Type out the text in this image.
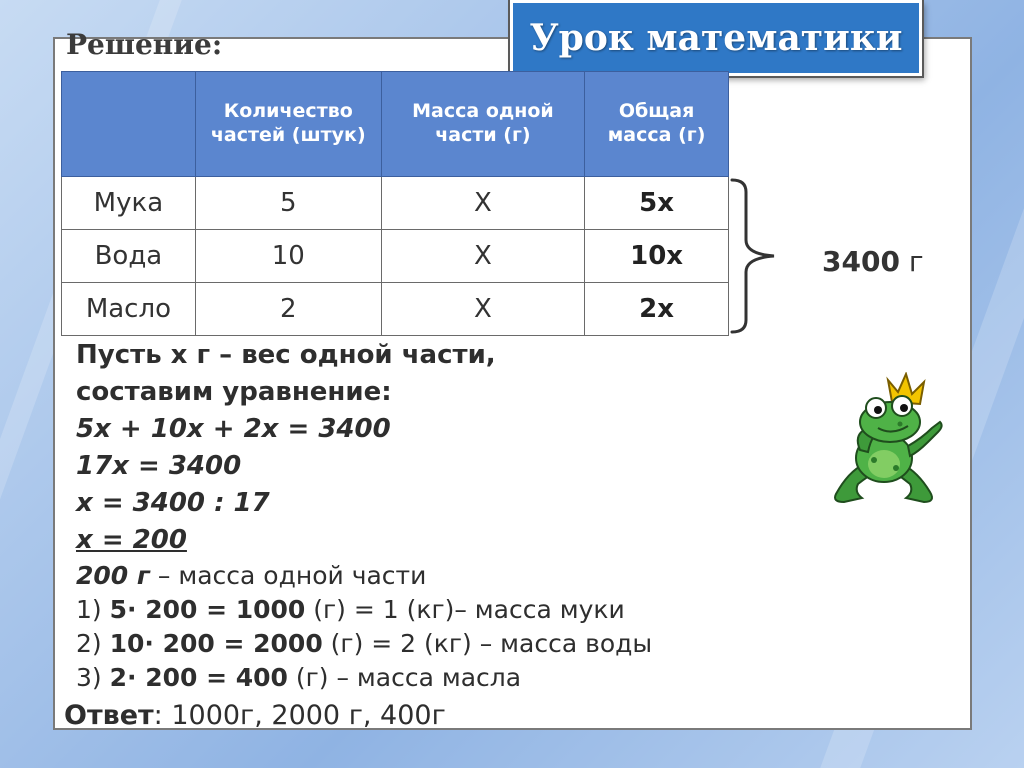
Урок математики
Решение:
	Количество частей (штук)	Масса одной части (г)	Общая масса (г)
Мука	5	X	5x
Вода	10	X	10x
Масло	2	X	2x
3400 г
Пусть х г – вес одной части,
составим уравнение:
5х + 10х + 2х = 3400
17х = 3400
х = 3400 : 17
х = 200
200 г – масса одной части
1) 5· 200 = 1000 (г) = 1 (кг)– масса муки
2) 10· 200 = 2000 (г) = 2 (кг) – масса воды
3) 2· 200 = 400 (г) – масса масла
Ответ: 1000г, 2000 г, 400г
